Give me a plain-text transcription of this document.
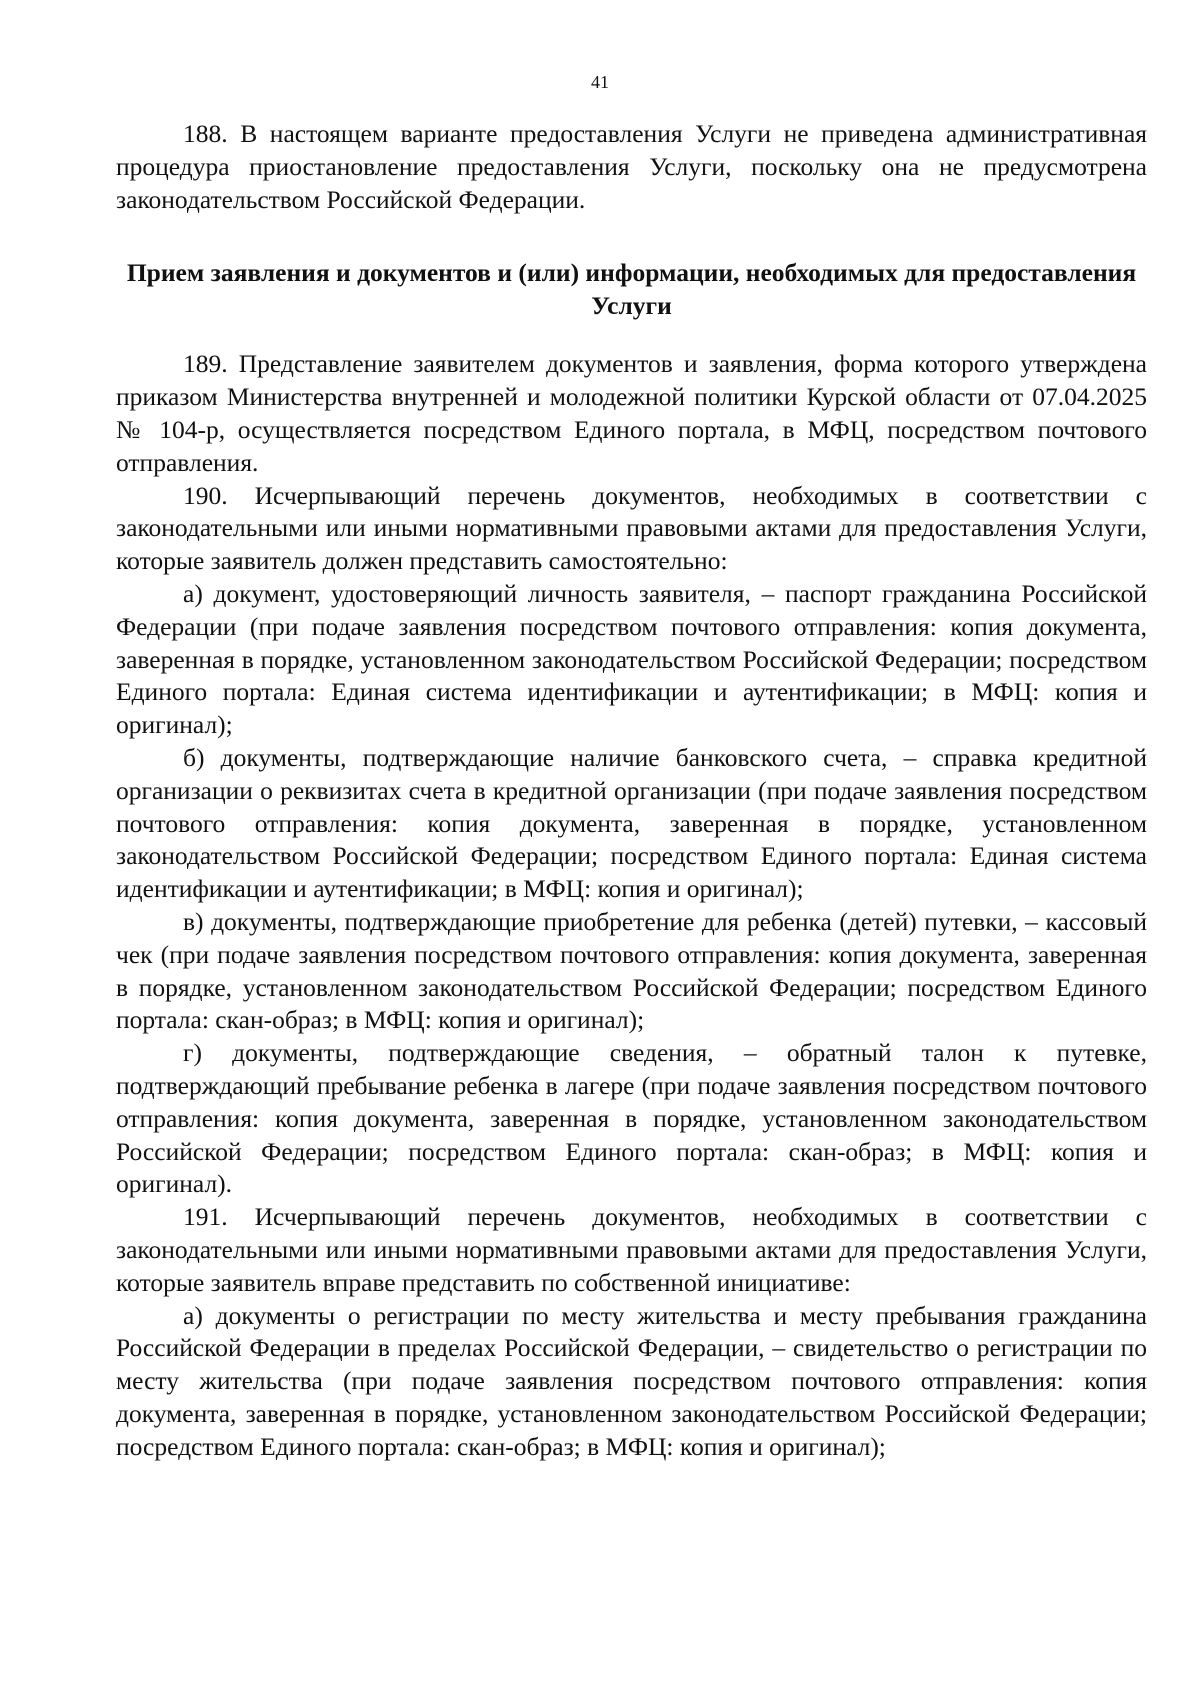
41

188. В настоящем варианте предоставления Услуги не приведена административная процедура приостановление предоставления Услуги, поскольку она не предусмотрена законодательством Российской Федерации.

Прием заявления и документов и (или) информации, необходимых для предоставления Услуги

189. Представление заявителем документов и заявления, форма которого утверждена приказом Министерства внутренней и молодежной политики Курской области от 07.04.2025 № 104-р, осуществляется посредством Единого портала, в МФЦ, посредством почтового отправления.

190. Исчерпывающий перечень документов, необходимых в соответствии с законодательными или иными нормативными правовыми актами для предоставления Услуги, которые заявитель должен представить самостоятельно:

а) документ, удостоверяющий личность заявителя, – паспорт гражданина Российской Федерации (при подаче заявления посредством почтового отправления: копия документа, заверенная в порядке, установленном законодательством Российской Федерации; посредством Единого портала: Единая система идентификации и аутентификации; в МФЦ: копия и оригинал);

б) документы, подтверждающие наличие банковского счета, – справка кредитной организации о реквизитах счета в кредитной организации (при подаче заявления посредством почтового отправления: копия документа, заверенная в порядке, установленном законодательством Российской Федерации; посредством Единого портала: Единая система идентификации и аутентификации; в МФЦ: копия и оригинал);

в) документы, подтверждающие приобретение для ребенка (детей) путевки, – кассовый чек (при подаче заявления посредством почтового отправления: копия документа, заверенная в порядке, установленном законодательством Российской Федерации; посредством Единого портала: скан-образ; в МФЦ: копия и оригинал);

г) документы, подтверждающие сведения, – обратный талон к путевке, подтверждающий пребывание ребенка в лагере (при подаче заявления посредством почтового отправления: копия документа, заверенная в порядке, установленном законодательством Российской Федерации; посредством Единого портала: скан-образ; в МФЦ: копия и оригинал).

191. Исчерпывающий перечень документов, необходимых в соответствии с законодательными или иными нормативными правовыми актами для предоставления Услуги, которые заявитель вправе представить по собственной инициативе:

а) документы о регистрации по месту жительства и месту пребывания гражданина Российской Федерации в пределах Российской Федерации, – свидетельство о регистрации по месту жительства (при подаче заявления посредством почтового отправления: копия документа, заверенная в порядке, установленном законодательством Российской Федерации; посредством Единого портала: скан-образ; в МФЦ: копия и оригинал);
